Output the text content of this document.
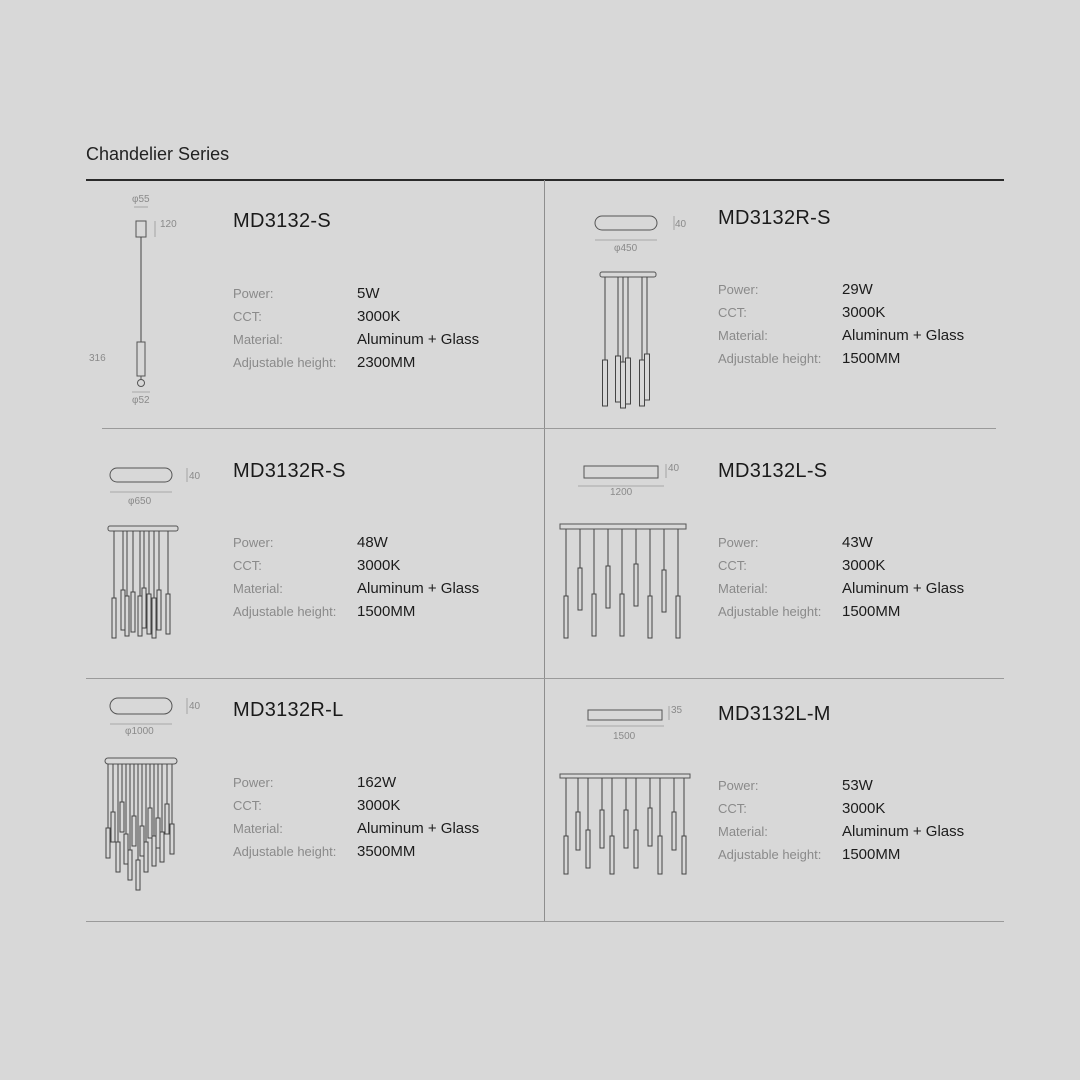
Chandelier Series
φ55
120
316
φ52
MD3132-S
Power:	5W
CCT:	3000K
Material:	Aluminum + Glass
Adjustable height:	2300MM
40
φ450
MD3132R-S
Power:	29W
CCT:	3000K
Material:	Aluminum + Glass
Adjustable height:	1500MM
40
φ650
MD3132R-S
Power:	48W
CCT:	3000K
Material:	Aluminum + Glass
Adjustable height:	1500MM
40
1200
MD3132L-S
Power:	43W
CCT:	3000K
Material:	Aluminum + Glass
Adjustable height:	1500MM
40
φ1000
MD3132R-L
Power:	162W
CCT:	3000K
Material:	Aluminum + Glass
Adjustable height:	3500MM
35
1500
MD3132L-M
Power:	53W
CCT:	3000K
Material:	Aluminum + Glass
Adjustable height:	1500MM
